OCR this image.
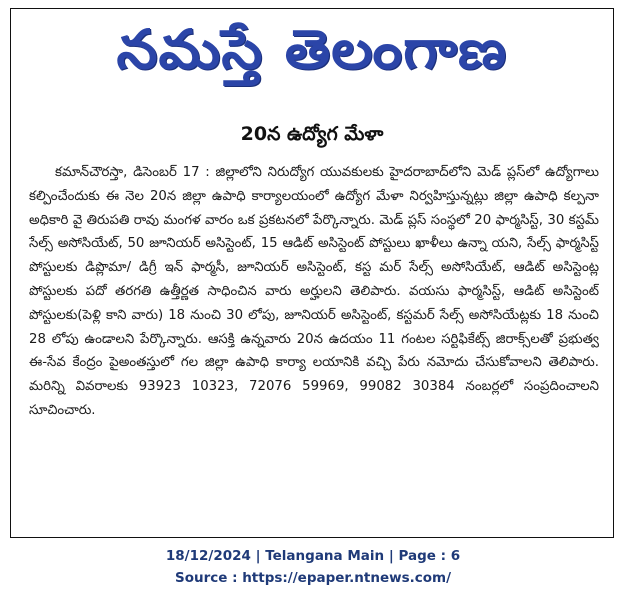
నమస్తే తెలంగాణ
20న ఉద్యోగ మేళా

కమాన్‌చౌరస్తా, డిసెంబర్ 17 : జిల్లాలోని నిరుద్యోగ యువకులకు హైదరాబాద్‌లోని మెడ్ ప్లస్‌లో ఉద్యోగాలు కల్పించేందుకు ఈ నెల 20న జిల్లా ఉపాధి కార్యాలయంలో ఉద్యోగ మేళా నిర్వహిస్తున్నట్లు జిల్లా ఉపాధి కల్పనా అధికారి వై తిరుపతి రావు మంగళ వారం ఒక ప్రకటనలో పేర్కొన్నారు. మెడ్ ప్లస్ సంస్థలో 20 ఫార్మసిస్ట్, 30 కస్టమ్ సేల్స్ అసోసియేట్, 50 జూనియర్ అసిస్టెంట్, 15 ఆడిట్ అసిస్టెంట్ పోస్టులు ఖాళీలు ఉన్నా యని, సేల్స్ ఫార్మసిస్ట్ పోస్టులకు డిప్లొమా/ డిగ్రీ ఇన్ ఫార్మసీ, జూనియర్ అసిస్టెంట్, కస్ట మర్ సేల్స్ అసోసియేట్, ఆడిట్ అసిస్టెంట్ల పోస్టులకు పదో తరగతి ఉత్తీర్ణత సాధించిన వారు అర్హులని తెలిపారు. వయసు ఫార్మసిస్ట్, ఆడిట్ అసిస్టెంట్ పోస్టులకు(పెళ్లి కాని వారు) 18 నుంచి 30 లోపు, జూనియర్ అసిస్టెంట్, కస్టమర్ సేల్స్ అసోసియేట్లకు 18 నుంచి 28 లోపు ఉండాలని పేర్కొన్నారు. ఆసక్తి ఉన్నవారు 20న ఉదయం 11 గంటల సర్టిఫికేట్స్ జిరాక్స్‌లతో ప్రభుత్వ ఈ-సేవ కేంద్రం పైఅంతస్తులో గల జిల్లా ఉపాధి కార్యా లయానికి వచ్చి పేరు నమోదు చేసుకోవాలని తెలిపారు. మరిన్ని వివరాలకు 93923 10323, 72076 59969, 99082 30384 నంబర్లలో సంప్రదించాలని సూచించారు.

18/12/2024 | Telangana Main | Page : 6
Source : https://epaper.ntnews.com/
